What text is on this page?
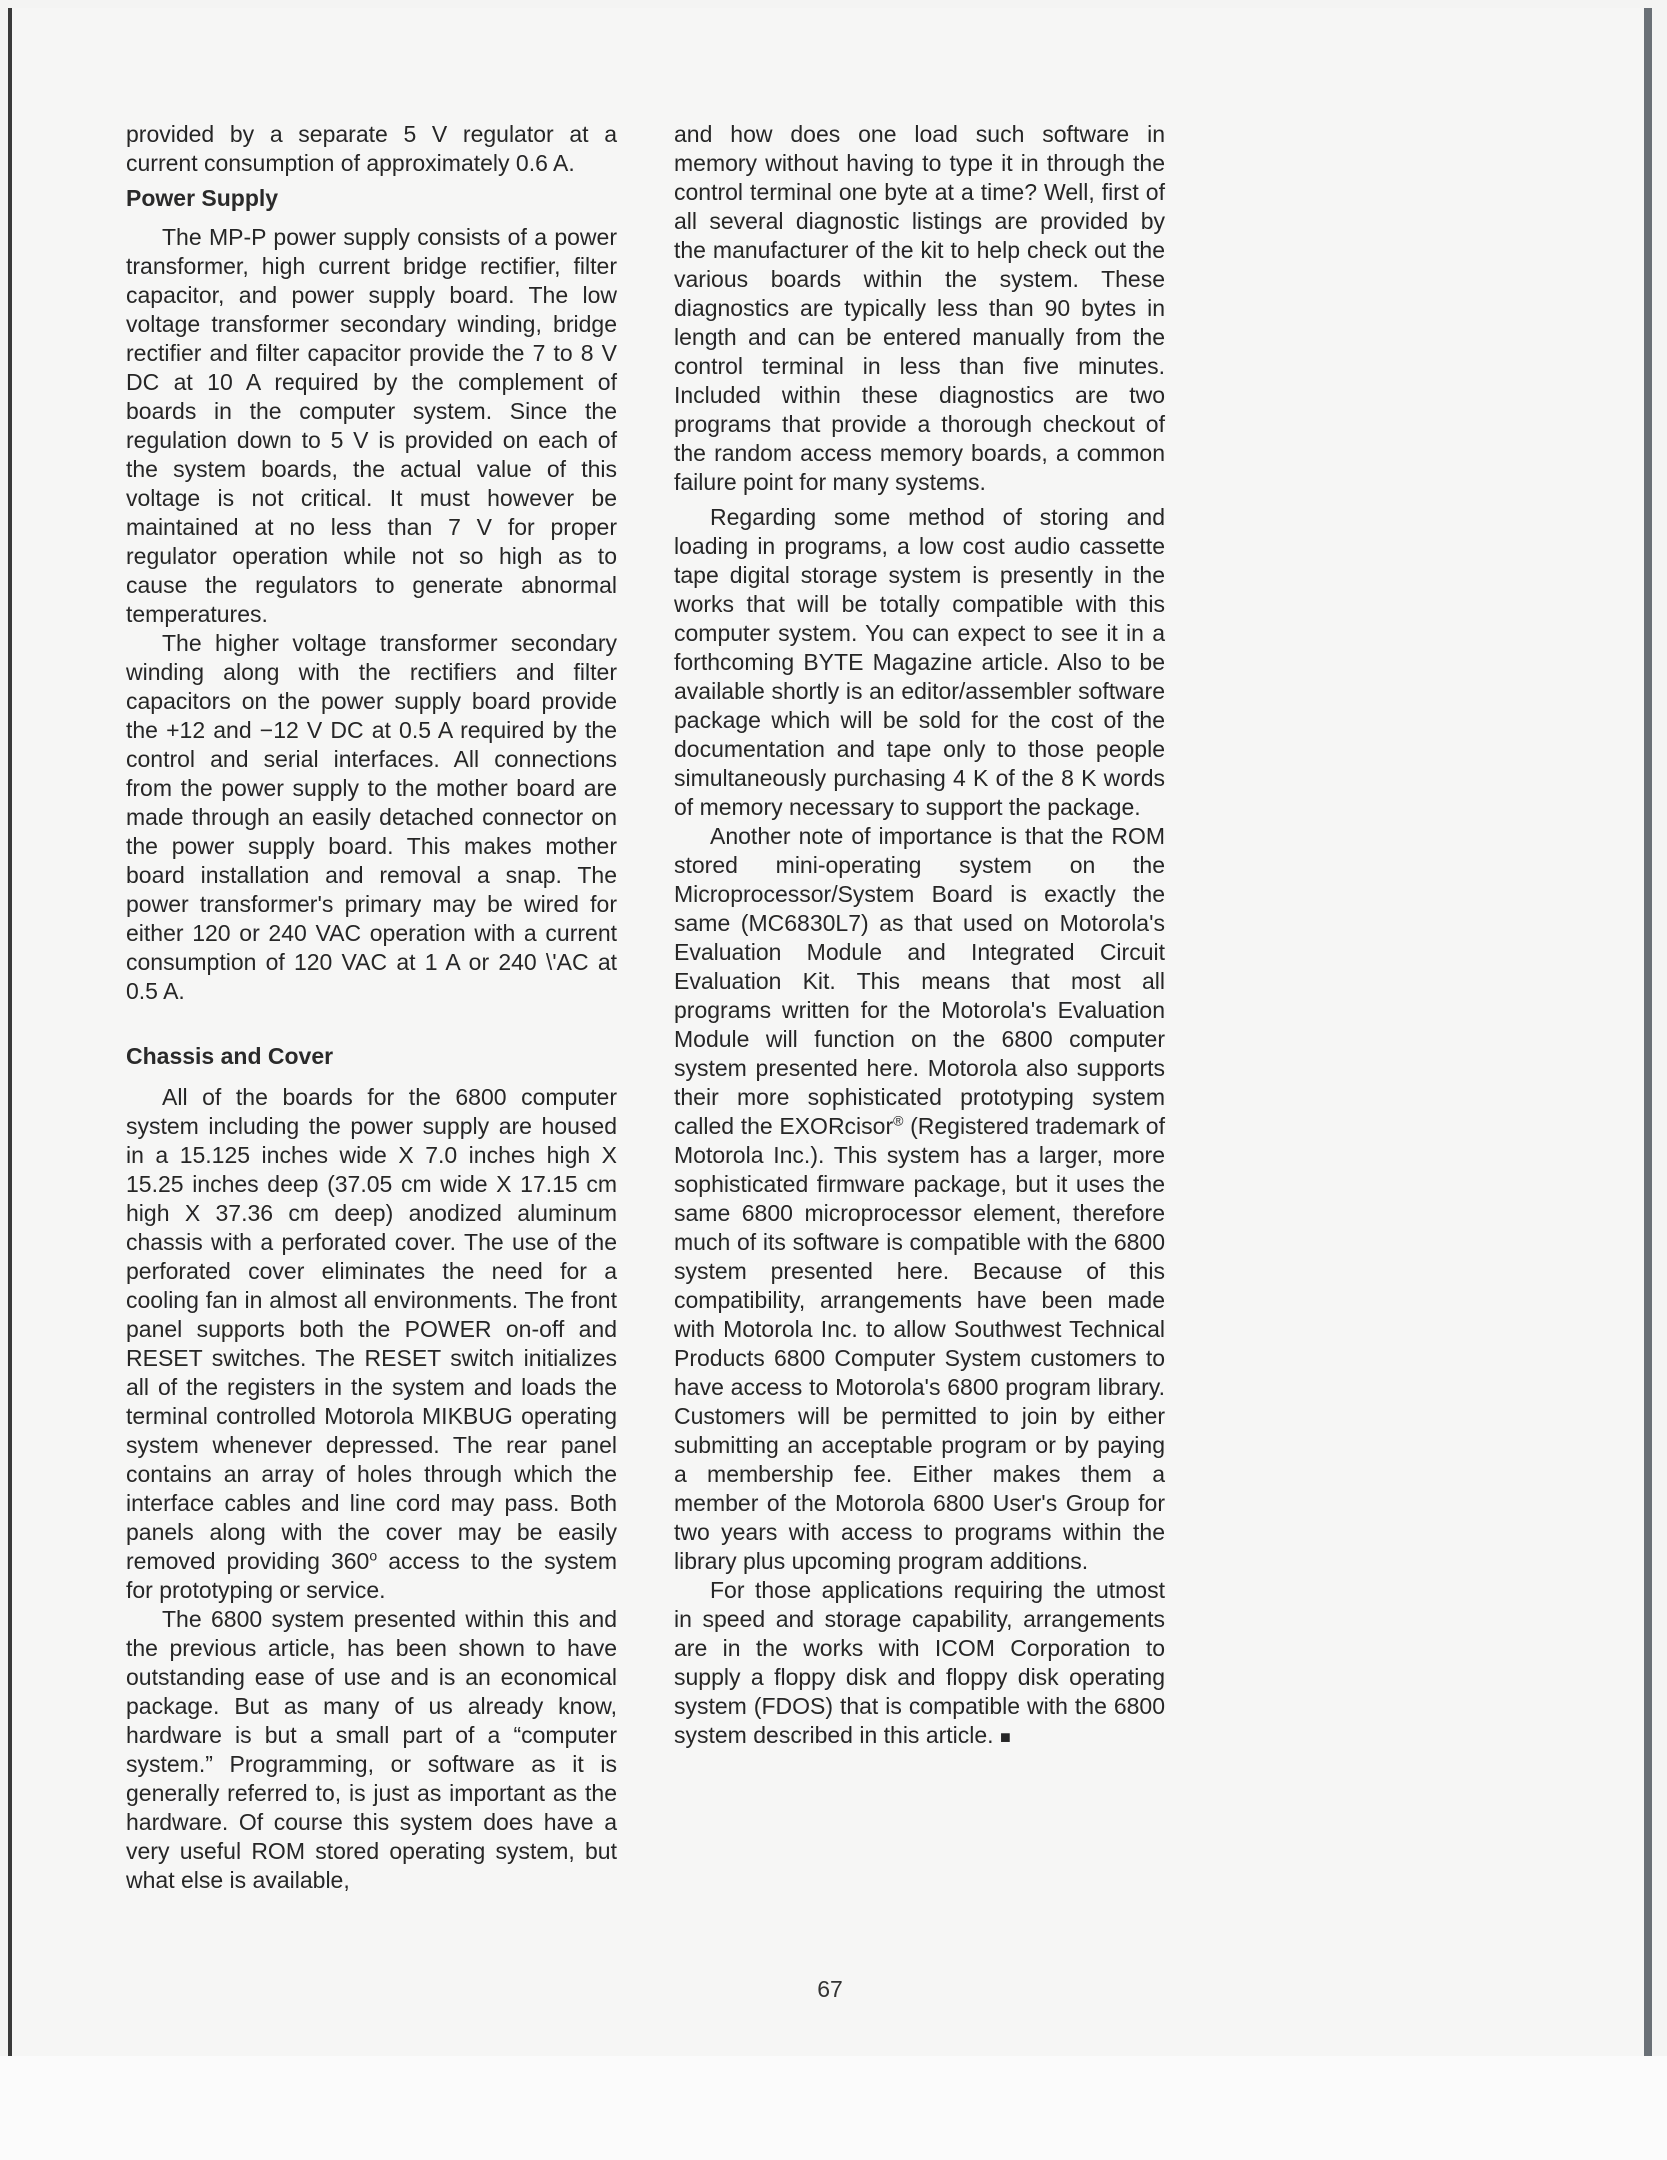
provided by a separate 5 V regulator at a current consumption of approximately 0.6 A.

Power Supply

The MP-P power supply consists of a power transformer, high current bridge rectifier, filter capacitor, and power supply board. The low voltage transformer secondary winding, bridge rectifier and filter capacitor provide the 7 to 8 V DC at 10 A required by the complement of boards in the computer system. Since the regulation down to 5 V is provided on each of the system boards, the actual value of this voltage is not critical. It must however be maintained at no less than 7 V for proper regulator operation while not so high as to cause the regulators to generate abnormal temperatures.

The higher voltage transformer secondary winding along with the rectifiers and filter capacitors on the power supply board provide the +12 and −12 V DC at 0.5 A required by the control and serial interfaces. All connections from the power supply to the mother board are made through an easily detached connector on the power supply board. This makes mother board installation and removal a snap. The power transformer's primary may be wired for either 120 or 240 VAC operation with a current consumption of 120 VAC at 1 A or 240 \'AC at 0.5 A.

Chassis and Cover

All of the boards for the 6800 computer system including the power supply are housed in a 15.125 inches wide X 7.0 inches high X 15.25 inches deep (37.05 cm wide X 17.15 cm high X 37.36 cm deep) anodized aluminum chassis with a perforated cover. The use of the perforated cover eliminates the need for a cooling fan in almost all environments. The front panel supports both the POWER on-off and RESET switches. The RESET switch initializes all of the registers in the system and loads the terminal controlled Motorola MIKBUG operating system whenever depressed. The rear panel contains an array of holes through which the interface cables and line cord may pass. Both panels along with the cover may be easily removed providing 360$^o$ access to the system for prototyping or service.

The 6800 system presented within this and the previous article, has been shown to have outstanding ease of use and is an economical package. But as many of us already know, hardware is but a small part of a “computer system.” Programming, or software as it is generally referred to, is just as important as the hardware. Of course this system does have a very useful ROM stored operating system, but what else is available,

and how does one load such software in memory without having to type it in through the control terminal one byte at a time? Well, first of all several diagnostic listings are provided by the manufacturer of the kit to help check out the various boards within the system. These diagnostics are typically less than 90 bytes in length and can be entered manually from the control terminal in less than five minutes. Included within these diagnostics are two programs that provide a thorough checkout of the random access memory boards, a common failure point for many systems.

Regarding some method of storing and loading in programs, a low cost audio cassette tape digital storage system is presently in the works that will be totally compatible with this computer system. You can expect to see it in a forthcoming BYTE Magazine article. Also to be available shortly is an editor/assembler software package which will be sold for the cost of the documentation and tape only to those people simultaneously purchasing 4 K of the 8 K words of memory necessary to support the package.

Another note of importance is that the ROM stored mini-operating system on the Microprocessor/System Board is exactly the same (MC6830L7) as that used on Motorola's Evaluation Module and Integrated Circuit Evaluation Kit. This means that most all programs written for the Motorola's Evaluation Module will function on the 6800 computer system presented here. Motorola also supports their more sophisticated prototyping system called the EXORcisor® (Registered trademark of Motorola Inc.). This system has a larger, more sophisticated firmware package, but it uses the same 6800 microprocessor element, therefore much of its software is compatible with the 6800 system presented here. Because of this compatibility, arrangements have been made with Motorola Inc. to allow Southwest Technical Products 6800 Computer System customers to have access to Motorola's 6800 program library. Customers will be permitted to join by either submitting an acceptable program or by paying a membership fee. Either makes them a member of the Motorola 6800 User's Group for two years with access to programs within the library plus upcoming program additions.

For those applications requiring the utmost in speed and storage capability, arrangements are in the works with ICOM Corporation to supply a floppy disk and floppy disk operating system (FDOS) that is compatible with the 6800 system described in this article. ■

67
